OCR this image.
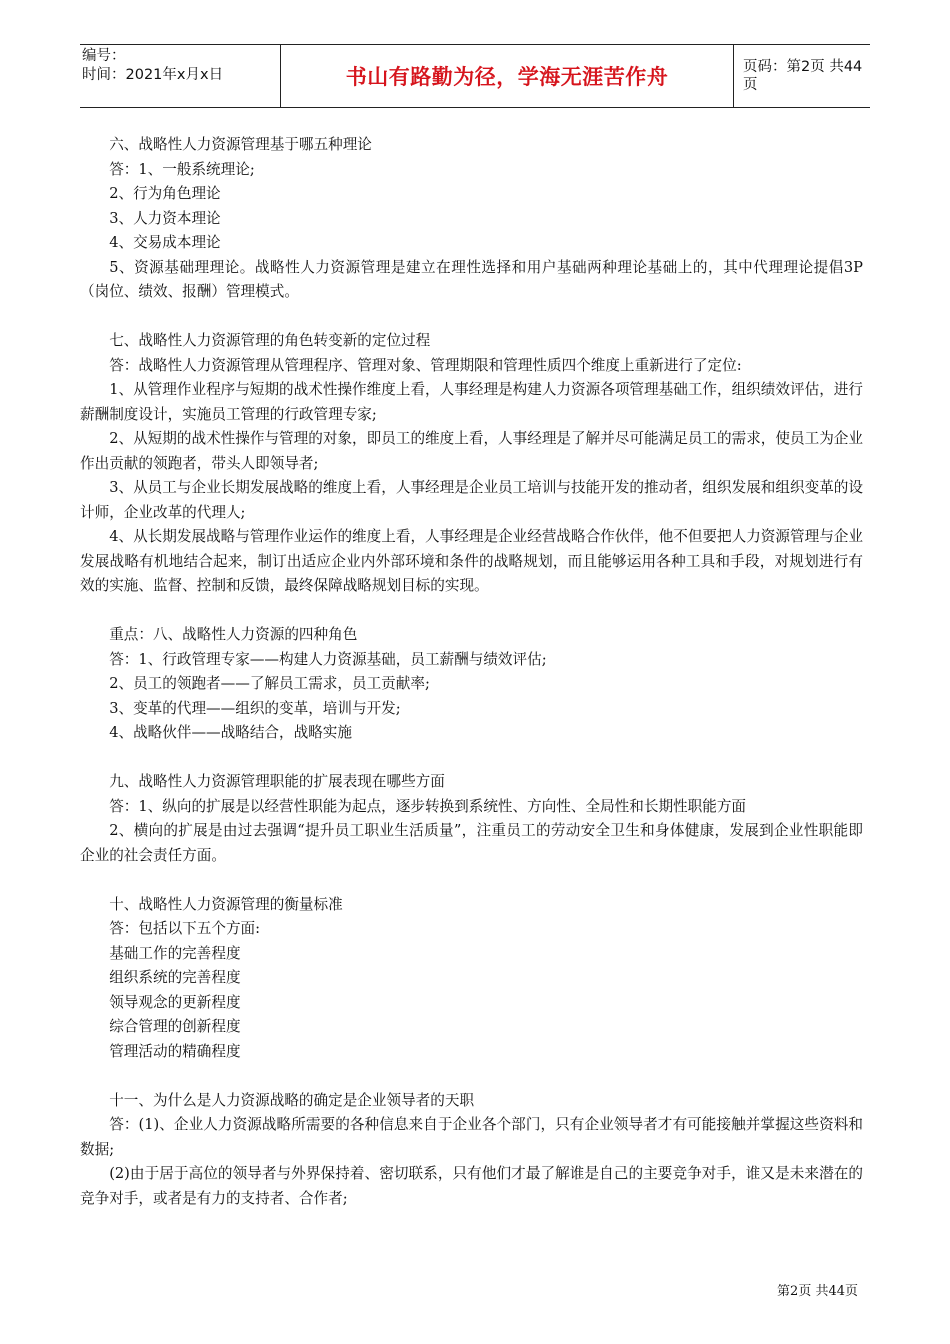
编号：
时间：2021年x月x日	书山有路勤为径，学海无涯苦作舟	页码：第2页 共44页

六、战略性人力资源管理基于哪五种理论

答：1、一般系统理论;

2、行为角色理论

3、人力资本理论

4、交易成本理论

5、资源基础理理论。战略性人力资源管理是建立在理性选择和用户基础两种理论基础上的，其中代理理论提倡3P（岗位、绩效、报酬）管理模式。

七、战略性人力资源管理的角色转变新的定位过程

答：战略性人力资源管理从管理程序、管理对象、管理期限和管理性质四个维度上重新进行了定位:

1、从管理作业程序与短期的战术性操作维度上看，人事经理是构建人力资源各项管理基础工作，组织绩效评估，进行薪酬制度设计，实施员工管理的行政管理专家;

2、从短期的战术性操作与管理的对象，即员工的维度上看，人事经理是了解并尽可能满足员工的需求，使员工为企业作出贡献的领跑者，带头人即领导者;

3、从员工与企业长期发展战略的维度上看，人事经理是企业员工培训与技能开发的推动者，组织发展和组织变革的设计师，企业改革的代理人;

4、从长期发展战略与管理作业运作的维度上看，人事经理是企业经营战略合作伙伴，他不但要把人力资源管理与企业发展战略有机地结合起来，制订出适应企业内外部环境和条件的战略规划，而且能够运用各种工具和手段，对规划进行有效的实施、监督、控制和反馈，最终保障战略规划目标的实现。

重点：八、战略性人力资源的四种角色

答：1、行政管理专家——构建人力资源基础，员工薪酬与绩效评估;

2、员工的领跑者——了解员工需求，员工贡献率;

3、变革的代理——组织的变革，培训与开发;

4、战略伙伴——战略结合，战略实施

九、战略性人力资源管理职能的扩展表现在哪些方面

答：1、纵向的扩展是以经营性职能为起点，逐步转换到系统性、方向性、全局性和长期性职能方面

2、横向的扩展是由过去强调“提升员工职业生活质量”，注重员工的劳动安全卫生和身体健康，发展到企业性职能即企业的社会责任方面。

十、战略性人力资源管理的衡量标准

答：包括以下五个方面:

基础工作的完善程度

组织系统的完善程度

领导观念的更新程度

综合管理的创新程度

管理活动的精确程度

十一、为什么是人力资源战略的确定是企业领导者的天职

答：(1)、企业人力资源战略所需要的各种信息来自于企业各个部门，只有企业领导者才有可能接触并掌握这些资料和数据;

(2)由于居于高位的领导者与外界保持着、密切联系，只有他们才最了解谁是自己的主要竞争对手，谁又是未来潜在的竞争对手，或者是有力的支持者、合作者;

第2页 共44页
